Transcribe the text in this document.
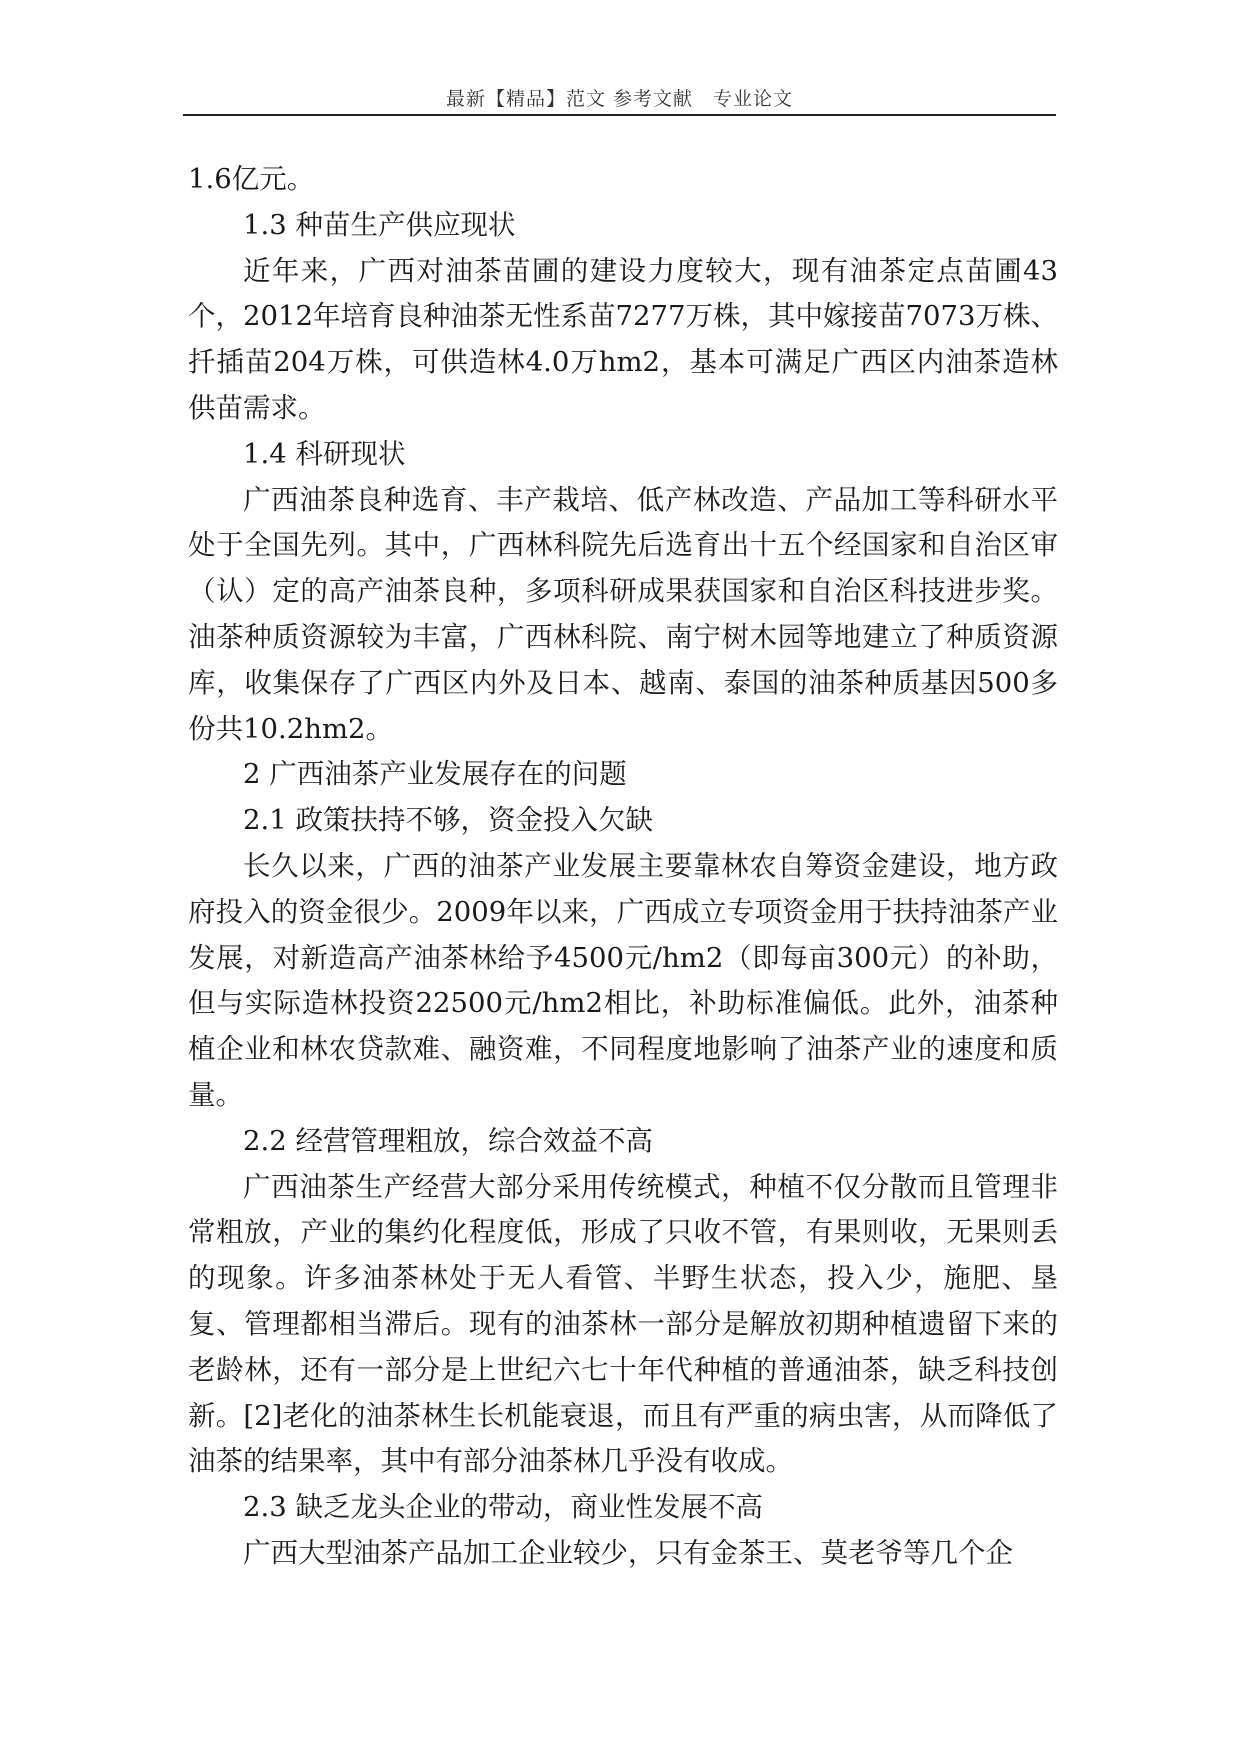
最新【精品】范文 参考文献　专业论文

1.6亿元。

1.3 种苗生产供应现状

近年来，广西对油茶苗圃的建设力度较大，现有油茶定点苗圃43个，2012年培育良种油茶无性系苗7277万株，其中嫁接苗7073万株、扦插苗204万株，可供造林4.0万hm2，基本可满足广西区内油茶造林供苗需求。

1.4 科研现状

广西油茶良种选育、丰产栽培、低产林改造、产品加工等科研水平处于全国先列。其中，广西林科院先后选育出十五个经国家和自治区审（认）定的高产油茶良种，多项科研成果获国家和自治区科技进步奖。油茶种质资源较为丰富，广西林科院、南宁树木园等地建立了种质资源库，收集保存了广西区内外及日本、越南、泰国的油茶种质基因500多份共10.2hm2。

2 广西油茶产业发展存在的问题

2.1 政策扶持不够，资金投入欠缺

长久以来，广西的油茶产业发展主要靠林农自筹资金建设，地方政府投入的资金很少。2009年以来，广西成立专项资金用于扶持油茶产业发展，对新造高产油茶林给予4500元/hm2（即每亩300元）的补助，但与实际造林投资22500元/hm2相比，补助标准偏低。此外，油茶种植企业和林农贷款难、融资难，不同程度地影响了油茶产业的速度和质量。

2.2 经营管理粗放，综合效益不高

广西油茶生产经营大部分采用传统模式，种植不仅分散而且管理非常粗放，产业的集约化程度低，形成了只收不管，有果则收，无果则丢的现象。许多油茶林处于无人看管、半野生状态，投入少，施肥、垦复、管理都相当滞后。现有的油茶林一部分是解放初期种植遗留下来的老龄林，还有一部分是上世纪六七十年代种植的普通油茶，缺乏科技创新。[2]老化的油茶林生长机能衰退，而且有严重的病虫害，从而降低了油茶的结果率，其中有部分油茶林几乎没有收成。

2.3 缺乏龙头企业的带动，商业性发展不高

广西大型油茶产品加工企业较少，只有金茶王、莫老爷等几个企
